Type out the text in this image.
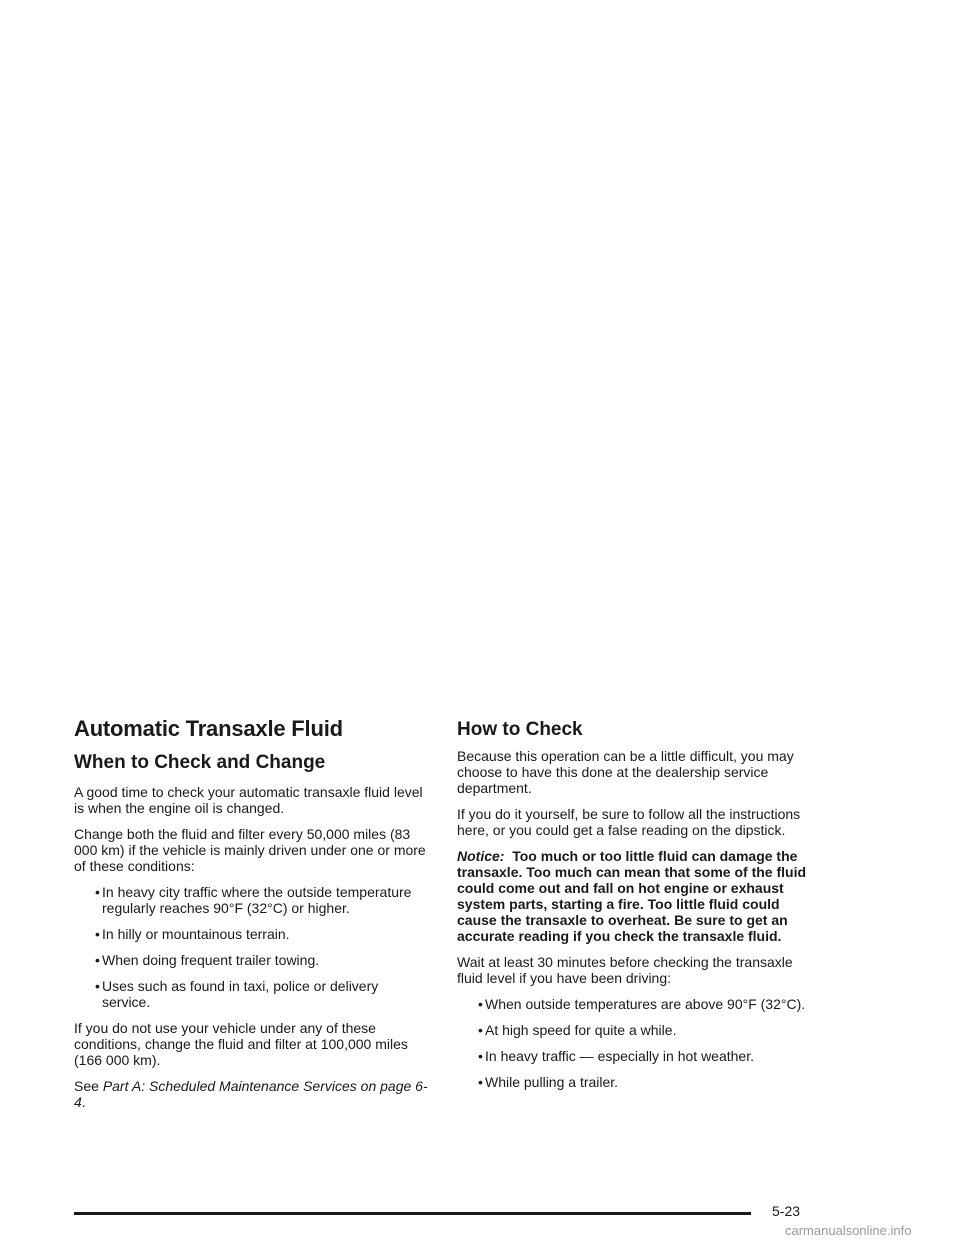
Automatic Transaxle Fluid
When to Check and Change

A good time to check your automatic transaxle fluid level is when the engine oil is changed.

Change both the fluid and filter every 50,000 miles (83 000 km) if the vehicle is mainly driven under one or more of these conditions:

• In heavy city traffic where the outside temperature regularly reaches 90°F (32°C) or higher.
• In hilly or mountainous terrain.
• When doing frequent trailer towing.
• Uses such as found in taxi, police or delivery service.

If you do not use your vehicle under any of these conditions, change the fluid and filter at 100,000 miles (166 000 km).

See Part A: Scheduled Maintenance Services on page 6-4.

How to Check

Because this operation can be a little difficult, you may choose to have this done at the dealership service department.

If you do it yourself, be sure to follow all the instructions here, or you could get a false reading on the dipstick.

Notice: Too much or too little fluid can damage the transaxle. Too much can mean that some of the fluid could come out and fall on hot engine or exhaust system parts, starting a fire. Too little fluid could cause the transaxle to overheat. Be sure to get an accurate reading if you check the transaxle fluid.

Wait at least 30 minutes before checking the transaxle fluid level if you have been driving:

• When outside temperatures are above 90°F (32°C).
• At high speed for quite a while.
• In heavy traffic — especially in hot weather.
• While pulling a trailer.
5-23
carmanualsonline.info
